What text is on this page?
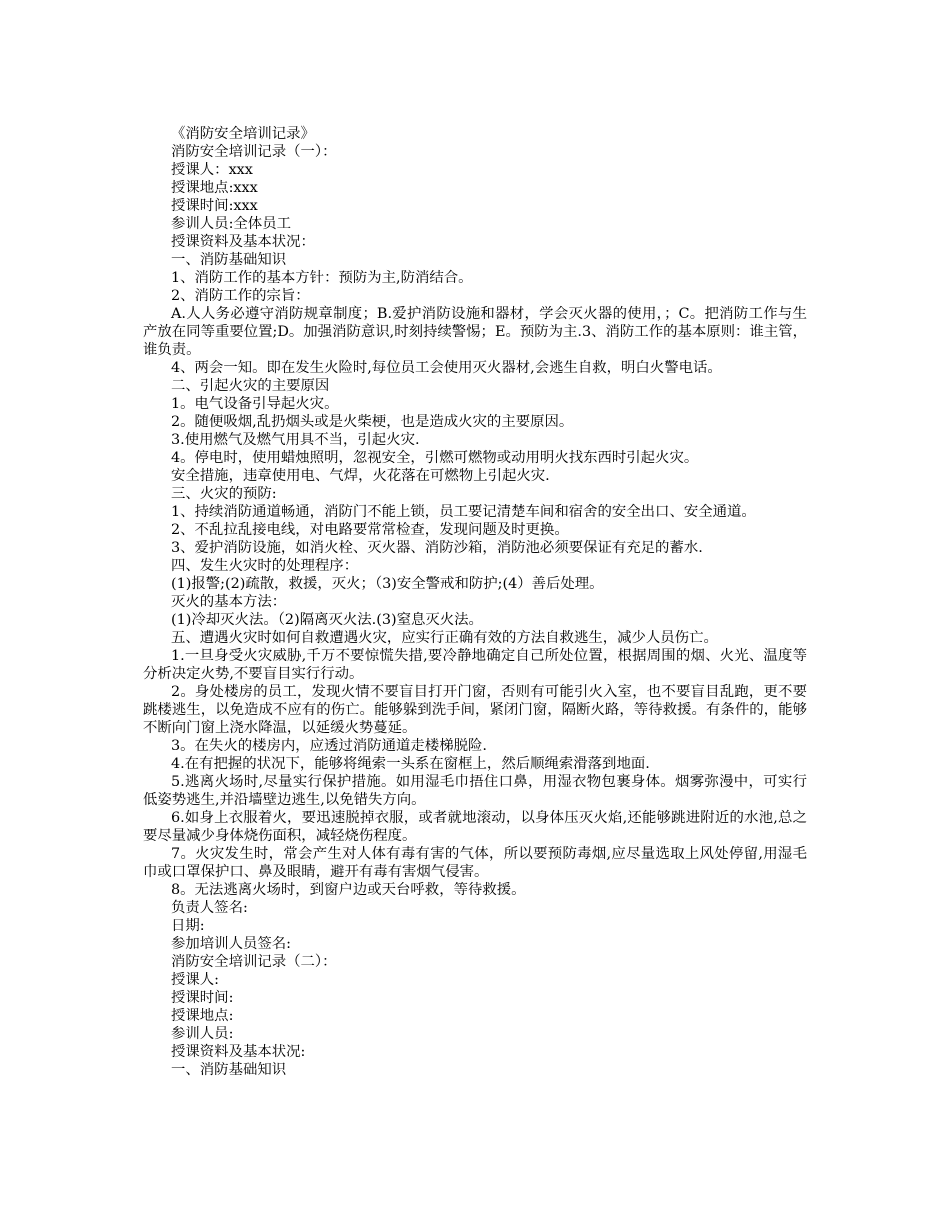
《消防安全培训记录》

消防安全培训记录（一）：

授课人：xxx

授课地点:xxx

授课时间:xxx

参训人员:全体员工

授课资料及基本状况：

一、消防基础知识

1、消防工作的基本方针：预防为主,防消结合。

2、消防工作的宗旨：

A.人人务必遵守消防规章制度；B.爱护消防设施和器材，学会灭火器的使用，；C。把消防工作与生产放在同等重要位置;D。加强消防意识,时刻持续警惕；E。预防为主.3、消防工作的基本原则：谁主管，谁负责。

4、两会一知。即在发生火险时,每位员工会使用灭火器材,会逃生自救，明白火警电话。

二、引起火灾的主要原因

1。电气设备引导起火灾。

2。随便吸烟,乱扔烟头或是火柴梗，也是造成火灾的主要原因。

3.使用燃气及燃气用具不当，引起火灾.

4。停电时，使用蜡烛照明，忽视安全，引燃可燃物或动用明火找东西时引起火灾。

安全措施，违章使用电、气焊，火花落在可燃物上引起火灾.

三、火灾的预防:

1、持续消防通道畅通，消防门不能上锁，员工要记清楚车间和宿舍的安全出口、安全通道。

2、不乱拉乱接电线，对电路要常常检查，发现问题及时更换。

3、爱护消防设施，如消火栓、灭火器、消防沙箱，消防池必须要保证有充足的蓄水.

四、发生火灾时的处理程序：

(1)报警;(2)疏散，救援，灭火；（3)安全警戒和防护;(4）善后处理。

灭火的基本方法：

(1)冷却灭火法。（2)隔离灭火法.(3)窒息灭火法。

五、遭遇火灾时如何自救遭遇火灾，应实行正确有效的方法自救逃生，减少人员伤亡。

1.一旦身受火灾威胁,千万不要惊慌失措,要冷静地确定自己所处位置，根据周围的烟、火光、温度等分析决定火势,不要盲目实行行动。

2。身处楼房的员工，发现火情不要盲目打开门窗，否则有可能引火入室，也不要盲目乱跑，更不要跳楼逃生，以免造成不应有的伤亡。能够躲到洗手间，紧闭门窗，隔断火路，等待救援。有条件的，能够不断向门窗上浇水降温，以延缓火势蔓延。

3。在失火的楼房内，应透过消防通道走楼梯脱险.

4.在有把握的状况下，能够将绳索一头系在窗框上，然后顺绳索滑落到地面.

5.逃离火场时,尽量实行保护措施。如用湿毛巾捂住口鼻，用湿衣物包裹身体。烟雾弥漫中，可实行低姿势逃生,并沿墙壁边逃生,以免错失方向。

6.如身上衣服着火，要迅速脱掉衣服，或者就地滚动，以身体压灭火焰,还能够跳进附近的水池,总之要尽量减少身体烧伤面积，减轻烧伤程度。

7。火灾发生时，常会产生对人体有毒有害的气体，所以要预防毒烟,应尽量选取上风处停留,用湿毛巾或口罩保护口、鼻及眼睛，避开有毒有害烟气侵害。

8。无法逃离火场时，到窗户边或天台呼救，等待救援。

负责人签名:

日期:

参加培训人员签名:

消防安全培训记录（二）：

授课人:

授课时间:

授课地点:

参训人员:

授课资料及基本状况:

一、消防基础知识
